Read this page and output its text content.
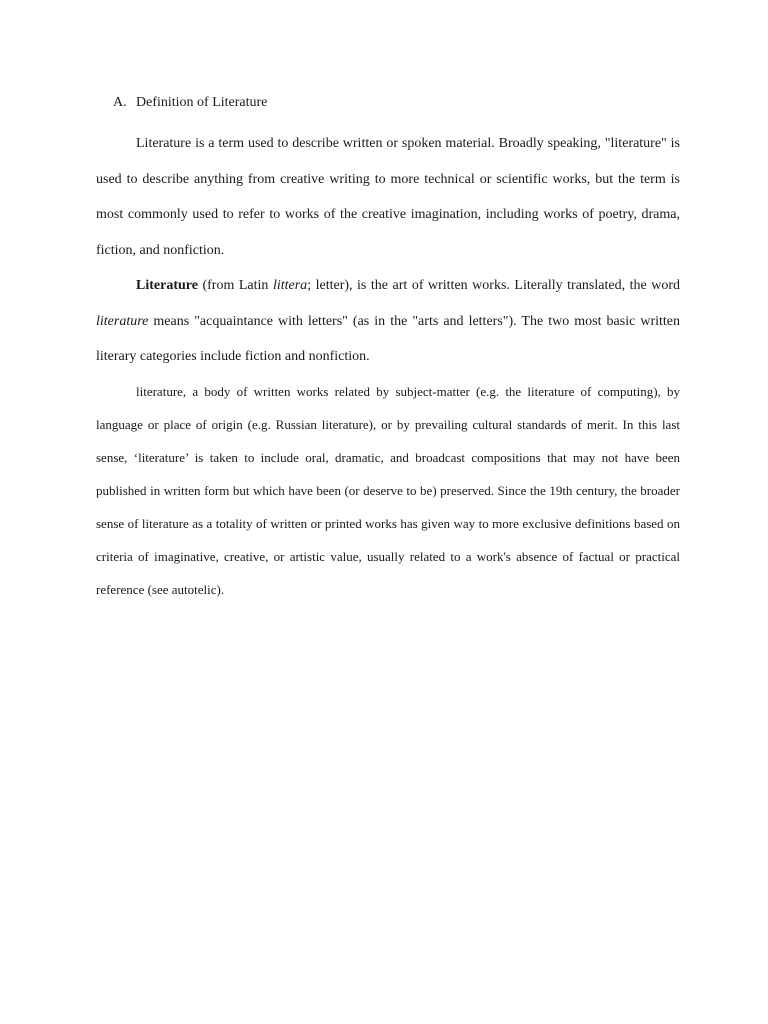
A. Definition of Literature

Literature is a term used to describe written or spoken material. Broadly speaking, "literature" is used to describe anything from creative writing to more technical or scientific works, but the term is most commonly used to refer to works of the creative imagination, including works of poetry, drama, fiction, and nonfiction.

Literature (from Latin littera; letter), is the art of written works. Literally translated, the word literature means "acquaintance with letters" (as in the "arts and letters"). The two most basic written literary categories include fiction and nonfiction.

literature, a body of written works related by subject-matter (e.g. the literature of computing), by language or place of origin (e.g. Russian literature), or by prevailing cultural standards of merit. In this last sense, ‘literature’ is taken to include oral, dramatic, and broadcast compositions that may not have been published in written form but which have been (or deserve to be) preserved. Since the 19th century, the broader sense of literature as a totality of written or printed works has given way to more exclusive definitions based on criteria of imaginative, creative, or artistic value, usually related to a work's absence of factual or practical reference (see autotelic).
